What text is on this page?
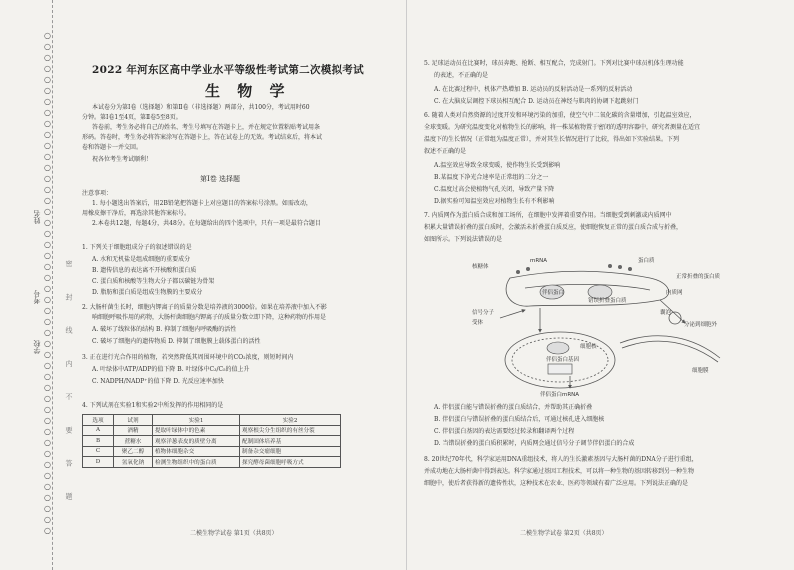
○
○
○
○
○
○
○
○
○
○
○
○
○
○
○
○
○
○
○
○
○
○
○
○
○
○
○
○
○
○
○
○
○
○
○
○
○
○
○
○
○
○
○
○
○
○
姓名
考号
学校	密 封 线 内 不 要 答 题
2022 年河东区高中学业水平等级性考试第二次模拟考试
生 物 学
本试卷分为第Ⅰ卷（选择题）和第Ⅱ卷（非选择题）两部分，共100分，考试用时60
分钟。第Ⅰ卷1至4页，第Ⅱ卷5至8页。
答卷前，考生务必将自己的姓名、考生号填写在答题卡上，并在规定位置粘贴考试用条
形码。答卷时，考生务必将答案涂写在答题卡上，答在试卷上的无效。考试结束后，将本试
卷和答题卡一并交回。
祝各位考生考试顺利！
第Ⅰ卷 选择题
注意事项：
1. 每小题选出答案后，用2B铅笔把答题卡上对应题目的答案标号涂黑。如需改动，
用橡皮擦干净后，再选涂其他答案标号。
2.本卷共12题，每题4分，共48分。在每题给出的四个选项中，只有一项是最符合题目
1. 下列关于细胞组成分子的叙述错误的是
A. 水和无机盐是组成细胞的重要成分
B. 遗传信息的表达离不开核酸和蛋白质
C. 蛋白质和核酸等生物大分子都以碳链为骨架
D. 脂肪和蛋白质是组成生物膜的主要成分
2. 大肠杆菌生长时，细胞内钾离子的质量分数是培养液的3000倍。如果在培养液中加入不影
响细胞呼吸作用的药物，大肠杆菌细胞内钾离子的质量分数立即下降，这种药物的作用是
A. 破坏了线粒体的结构 B. 抑制了细胞内呼吸酶的活性
C. 破坏了细胞内的遗传物质 D. 抑制了细胞膜上载体蛋白的活性
3. 正在进行光合作用的植物，若突然降低其周围环境中的CO₂浓度，则短时间内
A. 叶绿体中ATP/ADP的值下降 B. 叶绿体中C₃/C₅的值上升
C. NADPH/NADP⁺的值下降 D. 光反应速率加快
4. 下列试剂在实验1和实验2中所发挥的作用相同的是
选项	试剂	实验1	实验2
A	酒精	提取叶绿体中的色素	观察根尖分生组织的有丝分裂
B	蔗糖水	观察洋葱表皮的质壁分离	配制固体培养基
C	聚乙二醇	植物体细胞杂交	制备杂交瘤细胞
D	氢氧化钠	检测生物组织中的蛋白质	探究酵母菌细胞呼吸方式
二模生物学试卷 第1页（共8页）
5. 足球运动员在比赛时，球员奔跑、抢断、相互配合，完成射门。下列对比赛中球员机体生理功能
的表述，不正确的是
A. 在比赛过程中，机体产热增加 B. 运动员的反射活动是一系列的反射活动
C. 在大脑皮层调控下球员相互配合 D. 运动员在神经与肌肉的协调下起跳射门
6. 随着人类对自然资源的过度开发和环境污染的加重，使空气中二氧化碳的含量增加，引起温室效应，
全球变暖。为研究温度变化对植物生长的影响，将一株某植物置于密闭的透明容器中，研究者测量在适宜
温度下的生长情况（正常组为温度正常），并对其生长情况进行了比较，得出如下实验结果。下列
叙述不正确的是
A.温室效应导致全球变暖，使作物生长受到影响
B.某温度下净光合速率是正常组的二分之一
C.温度过高会使植物气孔关闭，导致产量下降
D.据实验可知温室效应对植物生长有不利影响
7. 内质网作为蛋白质合成和加工场所，在细胞中发挥着重要作用。当细胞受到刺激或内质网中
积累大量错误折叠的蛋白质时，会激活未折叠蛋白质反应，使细胞恢复正常的蛋白质合成与折叠，
如图所示。下列说法错误的是
核糖体
mRNA	蛋白质
内质网
伴侣蛋白
错误折叠蛋白质
信号分子
受体
细胞核
伴侣蛋白基因
伴侣蛋白mRNA
正常折叠的蛋白质
分泌到细胞外
细胞膜
囊泡
A. 伴侣蛋白能与错误折叠的蛋白质结合，并帮助其正确折叠
B. 伴侣蛋白与错误折叠的蛋白质结合后，可通过核孔进入细胞核
C. 伴侣蛋白基因的表达需要经过转录和翻译两个过程
D. 当错误折叠的蛋白质积累时，内质网会通过信号分子调节伴侣蛋白的合成
8. 20世纪70年代，科学家运用DNA重组技术，将人的生长激素基因与大肠杆菌的DNA分子进行重组，
并成功地在大肠杆菌中得到表达。科学家通过基因工程技术，可以将一种生物的基因转移到另一种生物
细胞中，使后者获得新的遗传性状，这种技术在农业、医药等领域有着广泛应用。下列说法正确的是
二模生物学试卷 第2页（共8页）
